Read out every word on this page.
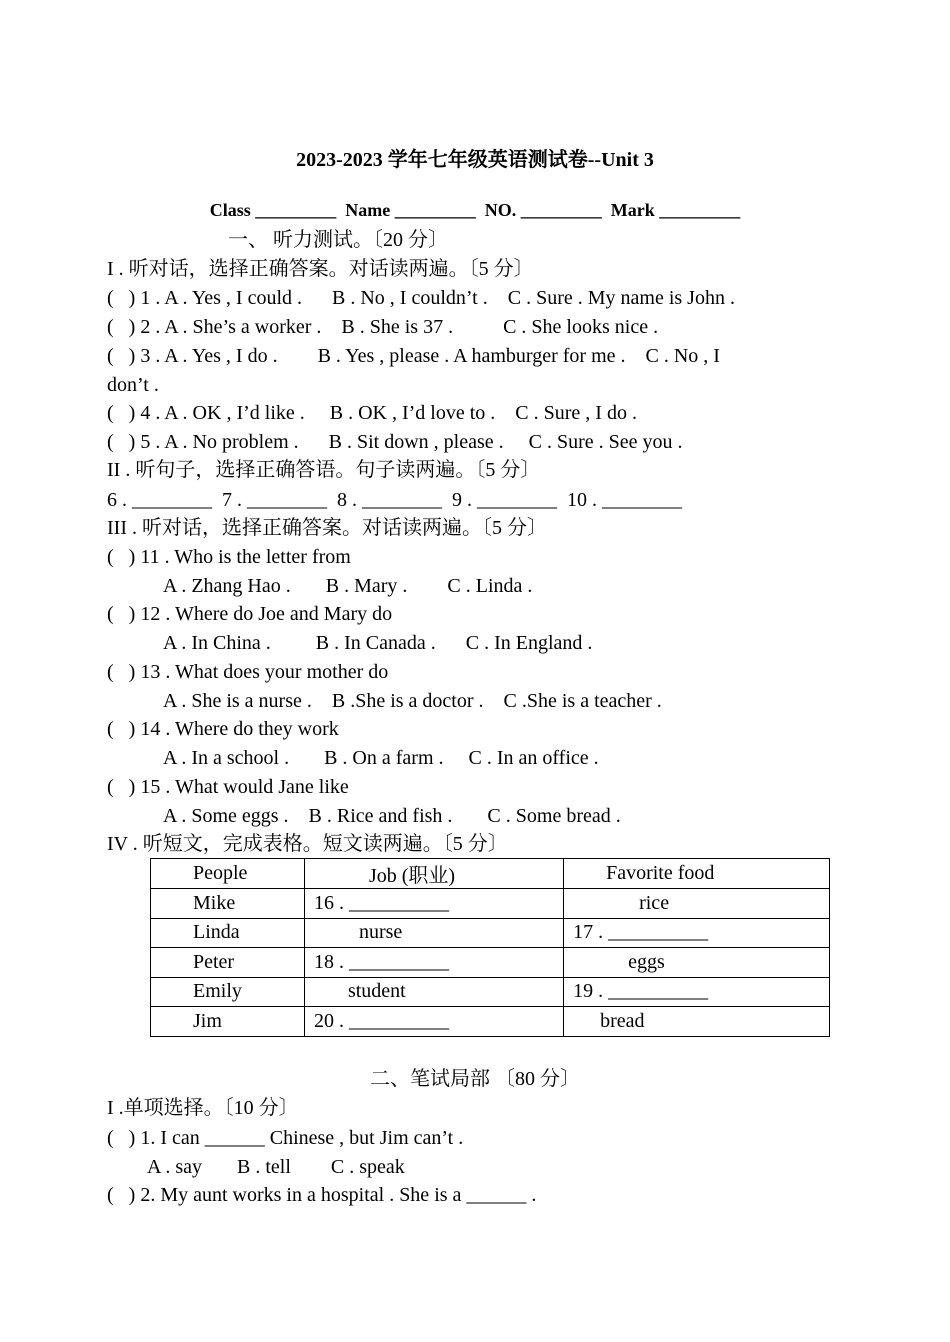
2023-2023 学年七年级英语测试卷--Unit 3
Class _________  Name _________  NO. _________  Mark _________
一、 听力测试。〔20 分〕
I . 听对话，选择正确答案。对话读两遍。〔5 分〕
(   ) 1 . A . Yes , I could .      B . No , I couldn’t .    C . Sure . My name is John .
(   ) 2 . A . She’s a worker .    B . She is 37 .          C . She looks nice .
(   ) 3 . A . Yes , I do .        B . Yes , please . A hamburger for me .    C . No , I
don’t .
(   ) 4 . A . OK , I’d like .     B . OK , I’d love to .    C . Sure , I do .
(   ) 5 . A . No problem .      B . Sit down , please .     C . Sure . See you .
II . 听句子，选择正确答语。句子读两遍。〔5 分〕
6 . ________  7 . ________  8 . ________  9 . ________  10 . ________
III . 听对话，选择正确答案。对话读两遍。〔5 分〕
(   ) 11 . Who is the letter from
A . Zhang Hao .       B . Mary .        C . Linda .
(   ) 12 . Where do Joe and Mary do
A . In China .         B . In Canada .      C . In England .
(   ) 13 . What does your mother do
A . She is a nurse .    B .She is a doctor .    C .She is a teacher .
(   ) 14 . Where do they work
A . In a school .       B . On a farm .     C . In an office .
(   ) 15 . What would Jane like
A . Some eggs .    B . Rice and fish .       C . Some bread .
IV . 听短文，完成表格。短文读两遍。〔5 分〕
People	Job (职业)	Favorite food
Mike	16 . __________	rice
Linda	nurse	17 . __________
Peter	18 . __________	eggs
Emily	student	19 . __________
Jim	20 . __________	bread
二、笔试局部 〔80 分〕
I .单项选择。〔10 分〕
(   ) 1. I can ______ Chinese , but Jim can’t .
A . say       B . tell        C . speak
(   ) 2. My aunt works in a hospital . She is a ______ .
